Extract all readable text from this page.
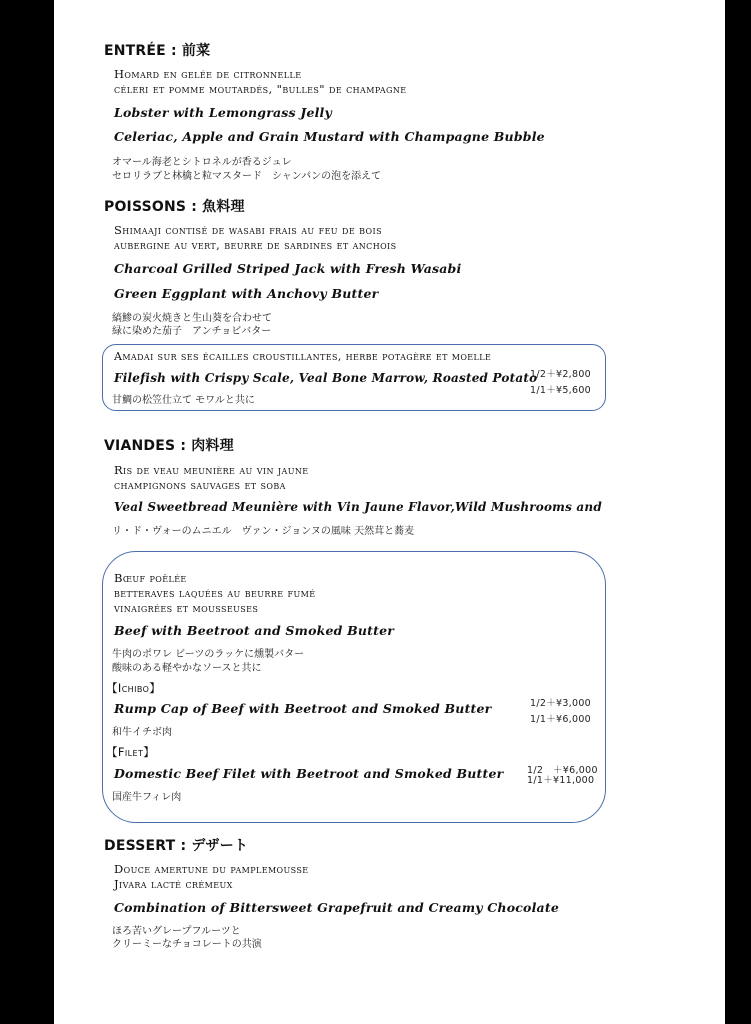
ENTRÉE : 前菜
Homard en gelée de citronnelle
céleri et pomme moutardés, "bulles" de champagne
Lobster with Lemongrass Jelly
Celeriac, Apple and Grain Mustard with Champagne Bubble
オマール海老とシトロネルが香るジュレ
セロリラブと林檎と粒マスタード　シャンパンの泡を添えて
POISSONS : 魚料理
Shimaaji contisé de wasabi frais au feu de bois
aubergine au vert, beurre de sardines et anchois
Charcoal Grilled Striped Jack with Fresh Wasabi
Green Eggplant with Anchovy Butter
縞鯵の炭火焼きと生山葵を合わせて
緑に染めた茄子　アンチョビバター
Amadai sur ses écailles croustillantes, herbe potagère et moelle
Filefish with Crispy Scale, Veal Bone Marrow, Roasted Potato
甘鯛の松笠仕立て モワルと共に
1/2＋¥2,800
1/1＋¥5,600
VIANDES : 肉料理
Ris de veau meunière au vin jaune
champignons sauvages et soba
Veal Sweetbread Meunière with Vin Jaune Flavor,Wild Mushrooms and
リ・ド・ヴォーのムニエル　ヴァン・ジョンヌの風味 天然茸と蕎麦
Bœuf poêlée
betteraves laquées au beurre fumé
vinaigrées et mousseuses
Beef with Beetroot and Smoked Butter
牛肉のポワレ ビーツのラッケに燻製バター
酸味のある軽やかなソースと共に
【Ichibo】
Rump Cap of Beef with Beetroot and Smoked Butter
和牛イチボ肉
1/2＋¥3,000
1/1＋¥6,000
【Filet】
Domestic Beef Filet with Beetroot and Smoked Butter
国産牛フィレ肉
1/2　＋¥6,000
1/1＋¥11,000
DESSERT : デザート
Douce amertune du pamplemousse
Jivara lacté crémeux
Combination of Bittersweet Grapefruit and Creamy Chocolate
ほろ苦いグレープフルーツと
クリーミーなチョコレートの共演
